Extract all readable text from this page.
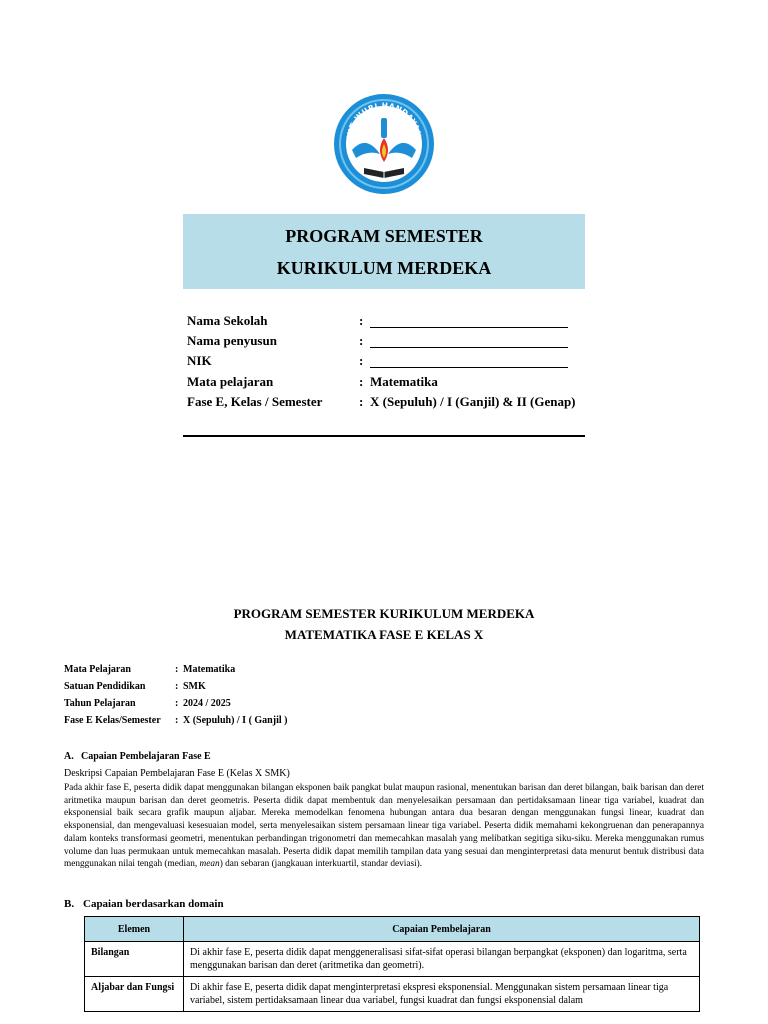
TUT WURI HANDAYANI
PROGRAM SEMESTER
KURIKULUM MERDEKA
Nama Sekolah	:
Nama penyusun	:
NIK	:
Mata pelajaran	: Matematika
Fase E, Kelas / Semester	: X (Sepuluh) / I (Ganjil) & II (Genap)
PROGRAM SEMESTER KURIKULUM MERDEKA
MATEMATIKA FASE E KELAS X
Mata Pelajaran	: Matematika
Satuan Pendidikan	: SMK
Tahun Pelajaran	: 2024 / 2025
Fase E Kelas/Semester : X (Sepuluh) / I ( Ganjil )
A. Capaian Pembelajaran Fase E
Deskripsi Capaian Pembelajaran Fase E (Kelas X SMK)

Pada akhir fase E, peserta didik dapat menggunakan bilangan eksponen baik pangkat bulat maupun rasional, menentukan barisan dan deret bilangan, baik barisan dan deret aritmetika maupun barisan dan deret geometris. Peserta didik dapat membentuk dan menyelesaikan persamaan dan pertidaksamaan linear tiga variabel, kuadrat dan eksponensial baik secara grafik maupun aljabar. Mereka memodelkan fenomena hubungan antara dua besaran dengan menggunakan fungsi linear, kuadrat dan eksponensial, dan mengevaluasi kesesuaian model, serta menyelesaikan sistem persamaan linear tiga variabel. Peserta didik memahami kekongruenan dan penerapannya dalam konteks transformasi geometri, menentukan perbandingan trigonometri dan memecahkan masalah yang melibatkan segitiga siku-siku. Mereka menggunakan rumus volume dan luas permukaan untuk memecahkan masalah. Peserta didik dapat memilih tampilan data yang sesuai dan menginterpretasi data menurut bentuk distribusi data menggunakan nilai tengah (median, mean) dan sebaran (jangkauan interkuartil, standar deviasi).

B. Capaian berdasarkan domain
Elemen	Capaian Pembelajaran
Bilangan	Di akhir fase E, peserta didik dapat menggeneralisasi sifat-sifat operasi bilangan berpangkat (eksponen) dan logaritma, serta menggunakan barisan dan deret (aritmetika dan geometri).
Aljabar dan Fungsi	Di akhir fase E, peserta didik dapat menginterpretasi ekspresi eksponensial. Menggunakan sistem persamaan linear tiga variabel, sistem pertidaksamaan linear dua variabel, fungsi kuadrat dan fungsi eksponensial dalam
